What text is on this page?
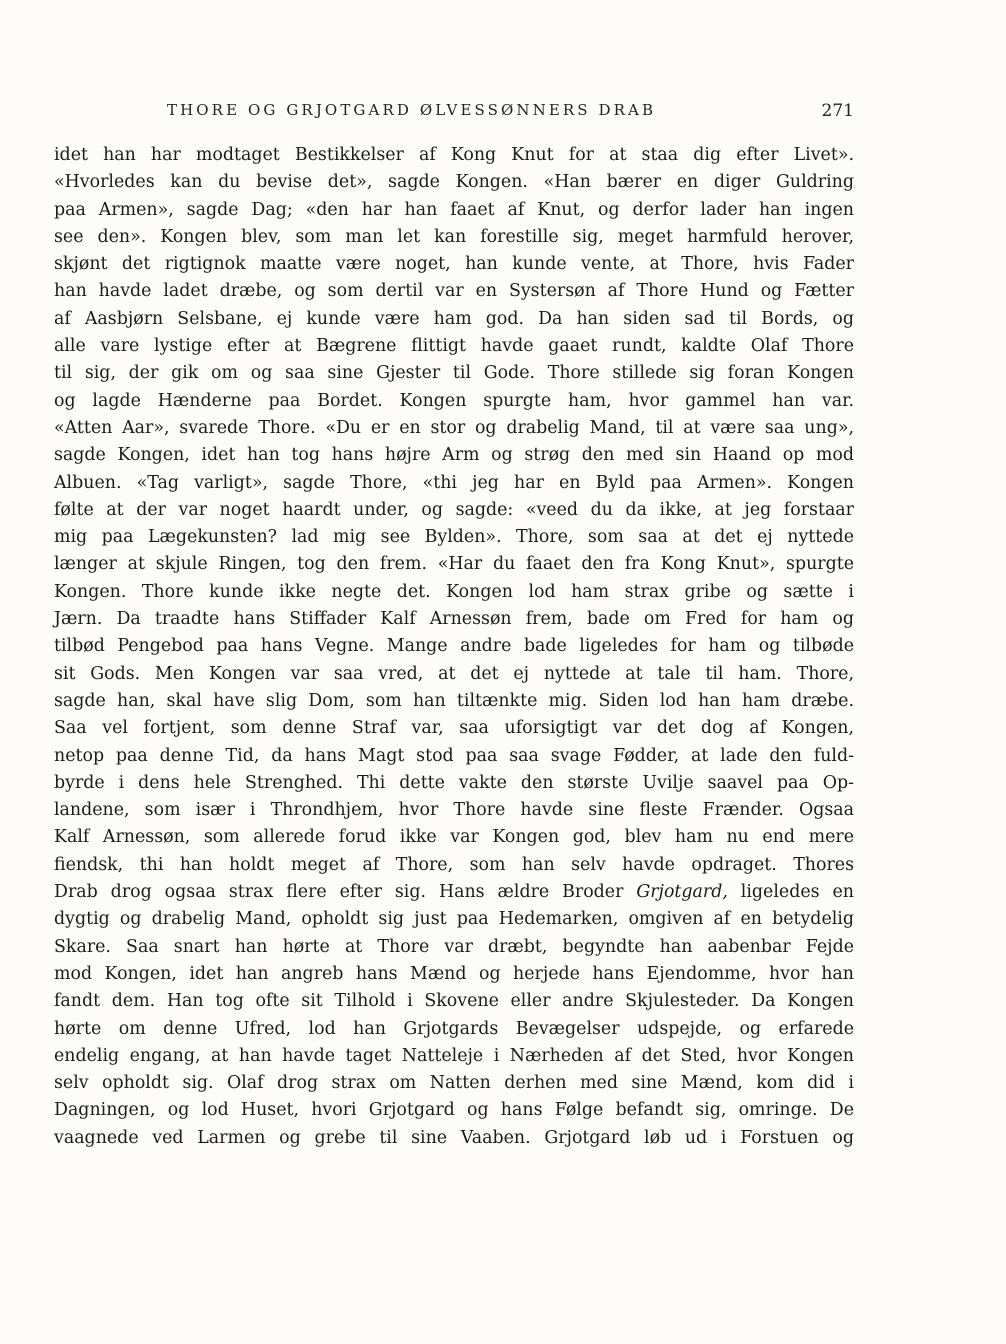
THORE OG GRJOTGARD ØLVESSØNNERS DRAB	271
idet han har modtaget Bestikkelser af Kong Knut for at staa dig efter Livet».
«Hvorledes kan du bevise det», sagde Kongen. «Han bærer en diger Guldring
paa Armen», sagde Dag; «den har han faaet af Knut, og derfor lader han ingen
see den». Kongen blev, som man let kan forestille sig, meget harmfuld herover,
skjønt det rigtignok maatte være noget, han kunde vente, at Thore, hvis Fader
han havde ladet dræbe, og som dertil var en Systersøn af Thore Hund og Fætter
af Aasbjørn Selsbane, ej kunde være ham god. Da han siden sad til Bords, og
alle vare lystige efter at Bægrene flittigt havde gaaet rundt, kaldte Olaf Thore
til sig, der gik om og saa sine Gjester til Gode. Thore stillede sig foran Kongen
og lagde Hænderne paa Bordet. Kongen spurgte ham, hvor gammel han var.
«Atten Aar», svarede Thore. «Du er en stor og drabelig Mand, til at være saa ung»,
sagde Kongen, idet han tog hans højre Arm og strøg den med sin Haand op mod
Albuen. «Tag varligt», sagde Thore, «thi jeg har en Byld paa Armen». Kongen
følte at der var noget haardt under, og sagde: «veed du da ikke, at jeg forstaar
mig paa Lægekunsten? lad mig see Bylden». Thore, som saa at det ej nyttede
længer at skjule Ringen, tog den frem. «Har du faaet den fra Kong Knut», spurgte
Kongen. Thore kunde ikke negte det. Kongen lod ham strax gribe og sætte i
Jærn. Da traadte hans Stiffader Kalf Arnessøn frem, bade om Fred for ham og
tilbød Pengebod paa hans Vegne. Mange andre bade ligeledes for ham og tilbøde
sit Gods. Men Kongen var saa vred, at det ej nyttede at tale til ham. Thore,
sagde han, skal have slig Dom, som han tiltænkte mig. Siden lod han ham dræbe.
Saa vel fortjent, som denne Straf var, saa uforsigtigt var det dog af Kongen,
netop paa denne Tid, da hans Magt stod paa saa svage Fødder, at lade den fuld-
byrde i dens hele Strenghed. Thi dette vakte den største Uvilje saavel paa Op-
landene, som især i Throndhjem, hvor Thore havde sine fleste Frænder. Ogsaa
Kalf Arnessøn, som allerede forud ikke var Kongen god, blev ham nu end mere
fiendsk, thi han holdt meget af Thore, som han selv havde opdraget. Thores
Drab drog ogsaa strax flere efter sig. Hans ældre Broder Grjotgard, ligeledes en
dygtig og drabelig Mand, opholdt sig just paa Hedemarken, omgiven af en betydelig
Skare. Saa snart han hørte at Thore var dræbt, begyndte han aabenbar Fejde
mod Kongen, idet han angreb hans Mænd og herjede hans Ejendomme, hvor han
fandt dem. Han tog ofte sit Tilhold i Skovene eller andre Skjulesteder. Da Kongen
hørte om denne Ufred, lod han Grjotgards Bevægelser udspejde, og erfarede
endelig engang, at han havde taget Natteleje i Nærheden af det Sted, hvor Kongen
selv opholdt sig. Olaf drog strax om Natten derhen med sine Mænd, kom did i
Dagningen, og lod Huset, hvori Grjotgard og hans Følge befandt sig, omringe. De
vaagnede ved Larmen og grebe til sine Vaaben. Grjotgard løb ud i Forstuen og
